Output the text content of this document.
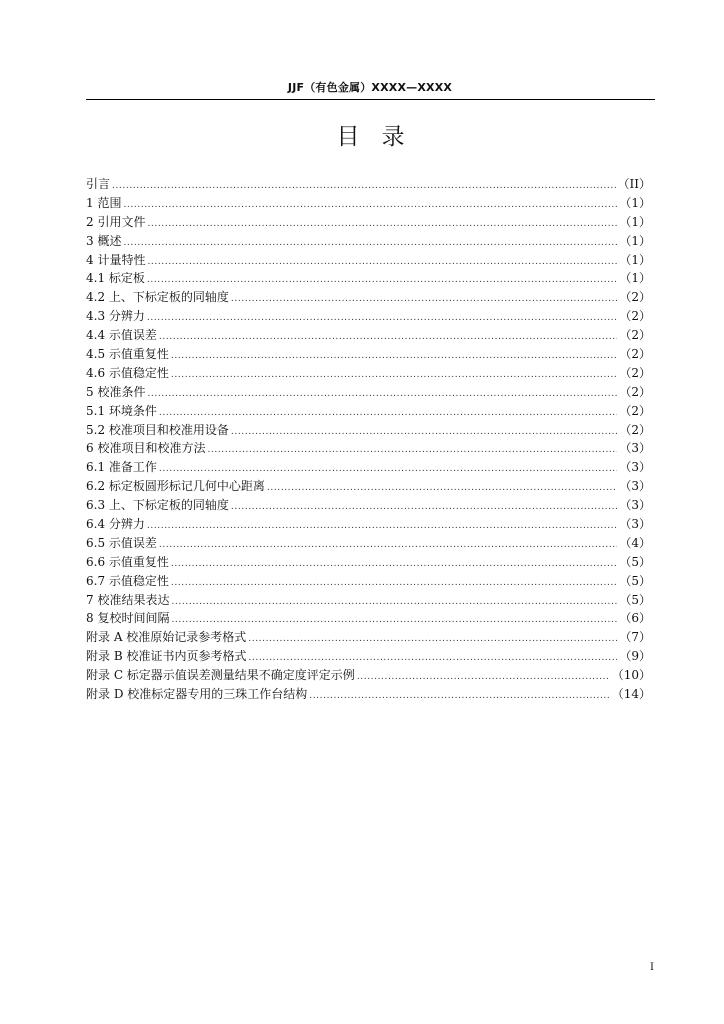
JJF（有色金属）XXXX—XXXX
目录
引言 .....	（II）
1 范围 .....	（1）
2 引用文件 .....	（1）
3 概述 .....	（1）
4 计量特性 .....	（1）
4.1 标定板 .....	（1）
4.2 上、下标定板的同轴度 .....	（2）
4.3 分辨力 .....	（2）
4.4 示值误差 .....	（2）
4.5 示值重复性 .....	（2）
4.6 示值稳定性 .....	（2）
5 校准条件 .....	（2）
5.1 环境条件 .....	（2）
5.2 校准项目和校准用设备 .....	（2）
6 校准项目和校准方法 .....	（3）
6.1 准备工作 .....	（3）
6.2 标定板圆形标记几何中心距离 .....	（3）
6.3 上、下标定板的同轴度 .....	（3）
6.4 分辨力 .....	（3）
6.5 示值误差 .....	（4）
6.6 示值重复性 .....	（5）
6.7 示值稳定性 .....	（5）
7 校准结果表达 .....	（5）
8 复校时间间隔 .....	（6）
附录 A 校准原始记录参考格式 .....	（7）
附录 B 校准证书内页参考格式 .....	（9）
附录 C 标定器示值误差测量结果不确定度评定示例 .....	（10）
附录 D 校准标定器专用的三珠工作台结构 .....	（14）
I
